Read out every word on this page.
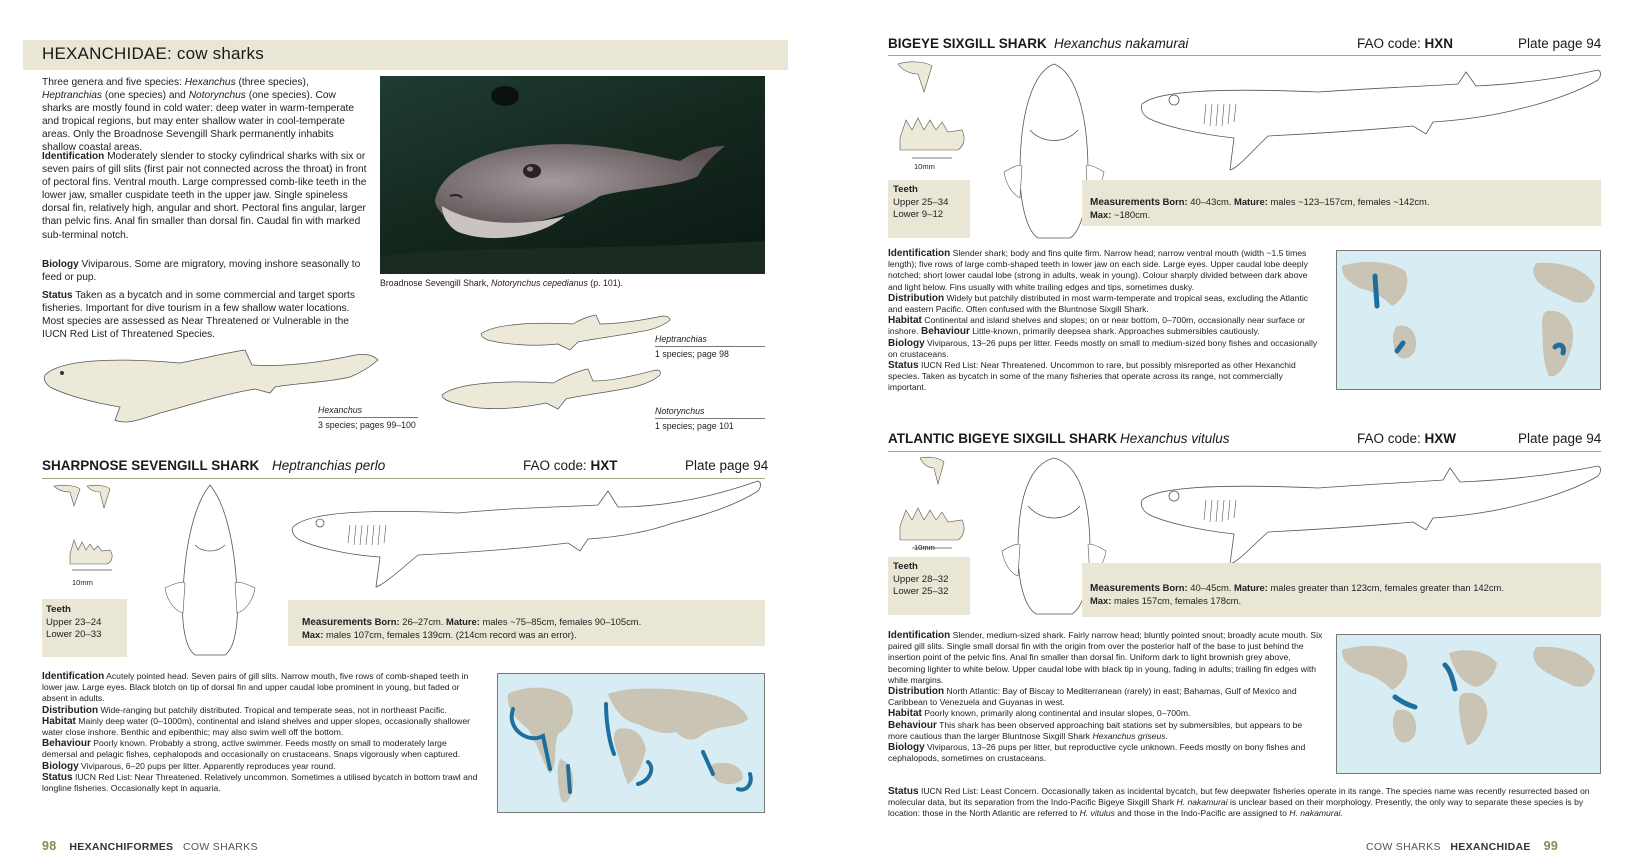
HEXANCHIDAE: cow sharks
Three genera and five species: Hexanchus (three species), Heptranchias (one species) and Notorynchus (one species). Cow sharks are mostly found in cold water: deep water in warm-temperate and tropical regions, but may enter shallow water in cool-temperate areas. Only the Broadnose Sevengill Shark permanently inhabits shallow coastal areas.
Identification Moderately slender to stocky cylindrical sharks with six or seven pairs of gill slits (first pair not connected across the throat) in front of pectoral fins. Ventral mouth. Large compressed comb-like teeth in the lower jaw, smaller cuspidate teeth in the upper jaw. Single spineless dorsal fin, relatively high, angular and short. Pectoral fins angular, larger than pelvic fins. Anal fin smaller than dorsal fin. Caudal fin with marked sub-terminal notch.
Biology Viviparous. Some are migratory, moving inshore seasonally to feed or pup.
Status Taken as a bycatch and in some commercial and target sports fisheries. Important for dive tourism in a few shallow water locations. Most species are assessed as Near Threatened or Vulnerable in the IUCN Red List of Threatened Species.
Broadnose Sevengill Shark, Notorynchus cepedianus (p. 101).
Hexanchus
3 species; pages 99–100
Heptranchias
1 species; page 98
Notorynchus
1 species; page 101
SHARPNOSE SEVENGILL SHARK Heptranchias perlo	FAO code: HXT	Plate page 94
10mm
Teeth
Upper 23–24
Lower 20–33
Measurements Born: 26–27cm. Mature: males ~75–85cm, females 90–105cm.
Max: males 107cm, females 139cm. (214cm record was an error).
Identification Acutely pointed head. Seven pairs of gill slits. Narrow mouth, five rows of comb-shaped teeth in lower jaw. Large eyes. Black blotch on tip of dorsal fin and upper caudal lobe prominent in young, but faded or absent in adults.
Distribution Wide-ranging but patchily distributed. Tropical and temperate seas, not in northeast Pacific.
Habitat Mainly deep water (0–1000m), continental and island shelves and upper slopes, occasionally shallower water close inshore. Benthic and epibenthic; may also swim well off the bottom.
Behaviour Poorly known. Probably a strong, active swimmer. Feeds mostly on small to moderately large demersal and pelagic fishes, cephalopods and occasionally on crustaceans. Snaps vigorously when captured.
Biology Viviparous, 6–20 pups per litter. Apparently reproduces year round.
Status IUCN Red List: Near Threatened. Relatively uncommon. Sometimes a utilised bycatch in bottom trawl and longline fisheries. Occasionally kept in aquaria.
98 HEXANCHIFORMES COW SHARKS
BIGEYE SIXGILL SHARK Hexanchus nakamurai	FAO code: HXN	Plate page 94
10mm
Teeth
Upper 25–34
Lower 9–12
Measurements Born: 40–43cm. Mature: males ~123–157cm, females ~142cm.
Max: ~180cm.
Identification Slender shark; body and fins quite firm. Narrow head; narrow ventral mouth (width ~1.5 times length); five rows of large comb-shaped teeth in lower jaw on each side. Large eyes. Upper caudal lobe deeply notched; short lower caudal lobe (strong in adults, weak in young). Colour sharply divided between dark above and light below. Fins usually with white trailing edges and tips, sometimes dusky.
Distribution Widely but patchily distributed in most warm-temperate and tropical seas, excluding the Atlantic and eastern Pacific. Often confused with the Bluntnose Sixgill Shark.
Habitat Continental and island shelves and slopes; on or near bottom, 0–700m, occasionally near surface or inshore. Behaviour Little-known, primarily deepsea shark. Approaches submersibles cautiously.
Biology Viviparous, 13–26 pups per litter. Feeds mostly on small to medium-sized bony fishes and occasionally on crustaceans.
Status IUCN Red List: Near Threatened. Uncommon to rare, but possibly misreported as other Hexanchid species. Taken as bycatch in some of the many fisheries that operate across its range, not commercially important.
ATLANTIC BIGEYE SIXGILL SHARK Hexanchus vitulus	FAO code: HXW	Plate page 94
10mm
Teeth
Upper 28–32
Lower 25–32	Measurements Born: 40–45cm. Mature: males greater than 123cm, females greater than 142cm.
Max: males 157cm, females 178cm.
Identification Slender, medium-sized shark. Fairly narrow head; bluntly pointed snout; broadly acute mouth. Six paired gill slits. Single small dorsal fin with the origin from over the posterior half of the base to just behind the insertion point of the pelvic fins. Anal fin smaller than dorsal fin. Uniform dark to light brownish grey above, becoming lighter to white below. Upper caudal lobe with black tip in young, fading in adults; trailing fin edges with white margins.
Distribution North Atlantic: Bay of Biscay to Mediterranean (rarely) in east; Bahamas, Gulf of Mexico and Caribbean to Venezuela and Guyanas in west.
Habitat Poorly known, primarily along continental and insular slopes, 0–700m.
Behaviour This shark has been observed approaching bait stations set by submersibles, but appears to be more cautious than the larger Bluntnose Sixgill Shark Hexanchus griseus.
Biology Viviparous, 13–26 pups per litter, but reproductive cycle unknown. Feeds mostly on bony fishes and cephalopods, sometimes on crustaceans.
Status IUCN Red List: Least Concern. Occasionally taken as incidental bycatch, but few deepwater fisheries operate in its range. The species name was recently resurrected based on molecular data, but its separation from the Indo-Pacific Bigeye Sixgill Shark H. nakamurai is unclear based on their morphology. Presently, the only way to separate these species is by location: those in the North Atlantic are referred to H. vitulus and those in the Indo-Pacific are assigned to H. nakamurai.
COW SHARKS HEXANCHIDAE 99
